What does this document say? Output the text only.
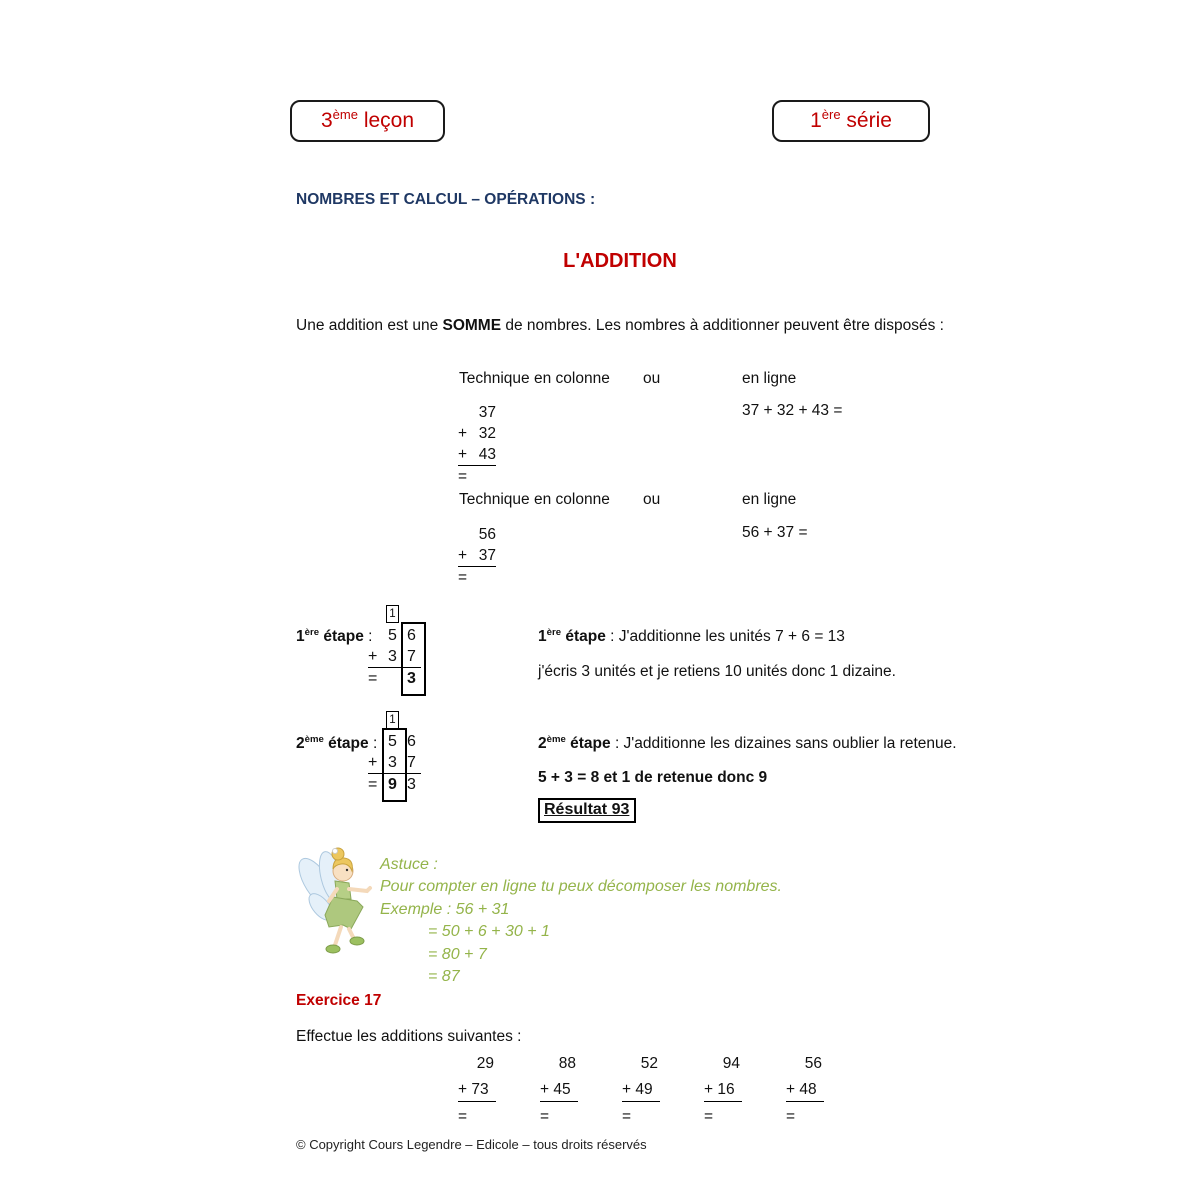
3ème leçon	1ère série
NOMBRES ET CALCUL – OPÉRATIONS :
L'ADDITION
Une addition est une SOMME de nombres. Les nombres à additionner peuvent être disposés :
Technique en colonne ou	en ligne
37
+ 32
+ 43
=
37 + 32 + 43 =
Technique en colonne ou	en ligne
56
+ 37
=
56 + 37 =
1ère étape :
1
5 6
+ 3 7
=	3
1ère étape : J'additionne les unités 7 + 6 = 13
j'écris 3 unités et je retiens 10 unités donc 1 dizaine.
2ème étape :
1
5 6
+ 3 7
= 9 3
2ème étape : J'additionne les dizaines sans oublier la retenue.
5 + 3 = 8 et 1 de retenue donc 9
Résultat 93
Astuce :
Pour compter en ligne tu peux décomposer les nombres.
Exemple : 56 + 31
= 50 + 6 + 30 + 1
= 80 + 7
= 87
Exercice 17
Effectue les additions suivantes :
29
+ 73
=
88
+ 45
=
52
+ 49
=
94
+ 16
=
56
+ 48
=
© Copyright Cours Legendre – Edicole – tous droits réservés
